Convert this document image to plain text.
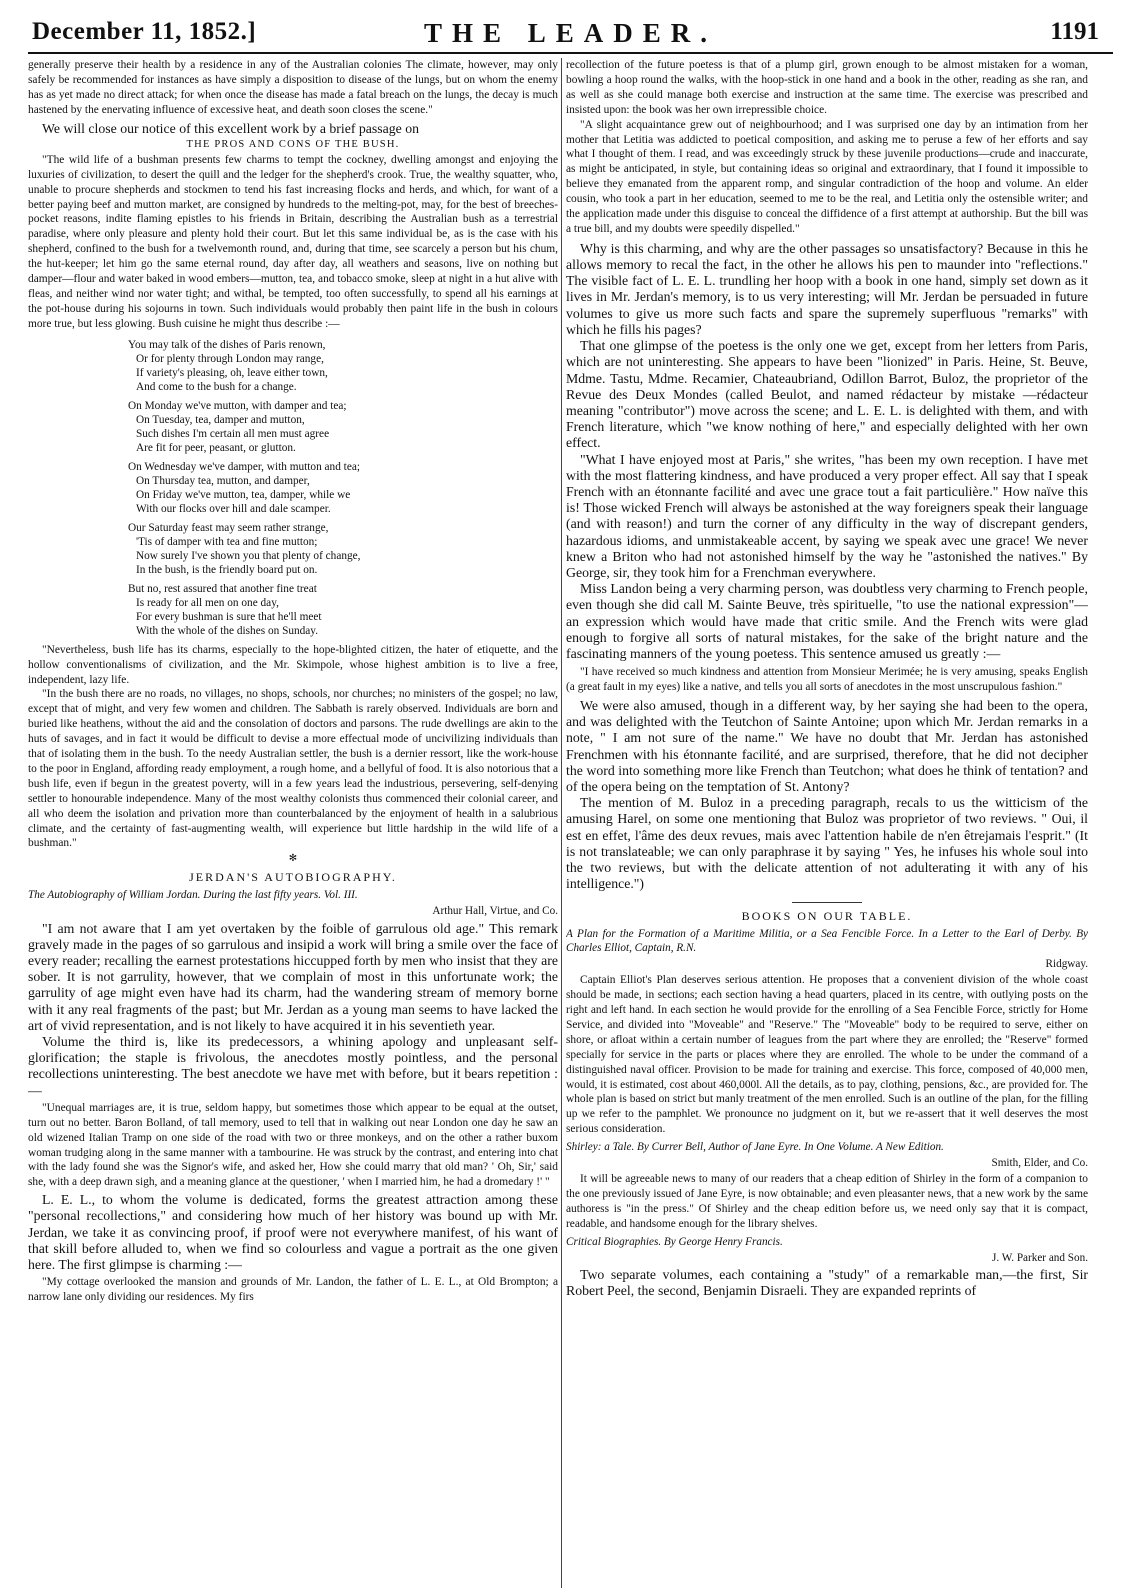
December 11, 1852.]	THE LEADER.	1191

generally preserve their health by a residence in any of the Australian colonies The climate, however, may only safely be recommended for instances as have simply a disposition to disease of the lungs, but on whom the enemy has as yet made no direct attack; for when once the disease has made a fatal breach on the lungs, the decay is much hastened by the enervating influence of excessive heat, and death soon closes the scene."

We will close our notice of this excellent work by a brief passage on

THE PROS AND CONS OF THE BUSH.

"The wild life of a bushman presents few charms to tempt the cockney, dwelling amongst and enjoying the luxuries of civilization, to desert the quill and the ledger for the shepherd's crook. True, the wealthy squatter, who, unable to procure shepherds and stockmen to tend his fast increasing flocks and herds, and which, for want of a better paying beef and mutton market, are consigned by hundreds to the melting-pot, may, for the best of breeches-pocket reasons, indite flaming epistles to his friends in Britain, describing the Australian bush as a terrestrial paradise, where only pleasure and plenty hold their court. But let this same individual be, as is the case with his shepherd, confined to the bush for a twelvemonth round, and, during that time, see scarcely a person but his chum, the hut-keeper; let him go the same eternal round, day after day, all weathers and seasons, live on nothing but damper—flour and water baked in wood embers—mutton, tea, and tobacco smoke, sleep at night in a hut alive with fleas, and neither wind nor water tight; and withal, be tempted, too often successfully, to spend all his earnings at the pot-house during his sojourns in town. Such individuals would probably then paint life in the bush in colours more true, but less glowing. Bush cuisine he might thus describe :—

You may talk of the dishes of Paris renown,
Or for plenty through London may range,
If variety's pleasing, oh, leave either town,
And come to the bush for a change.
On Monday we've mutton, with damper and tea;
On Tuesday, tea, damper and mutton,
Such dishes I'm certain all men must agree
Are fit for peer, peasant, or glutton.
On Wednesday we've damper, with mutton and tea;
On Thursday tea, mutton, and damper,
On Friday we've mutton, tea, damper, while we
With our flocks over hill and dale scamper.
Our Saturday feast may seem rather strange,
'Tis of damper with tea and fine mutton;
Now surely I've shown you that plenty of change,
In the bush, is the friendly board put on.
But no, rest assured that another fine treat
Is ready for all men on one day,
For every bushman is sure that he'll meet
With the whole of the dishes on Sunday.

"Nevertheless, bush life has its charms, especially to the hope-blighted citizen, the hater of etiquette, and the hollow conventionalisms of civilization, and the Mr. Skimpole, whose highest ambition is to live a free, independent, lazy life.

"In the bush there are no roads, no villages, no shops, schools, nor churches; no ministers of the gospel; no law, except that of might, and very few women and children. The Sabbath is rarely observed. Individuals are born and buried like heathens, without the aid and the consolation of doctors and parsons. The rude dwellings are akin to the huts of savages, and in fact it would be difficult to devise a more effectual mode of uncivilizing individuals than that of isolating them in the bush. To the needy Australian settler, the bush is a dernier ressort, like the work-house to the poor in England, affording ready employment, a rough home, and a bellyful of food. It is also notorious that a bush life, even if begun in the greatest poverty, will in a few years lead the industrious, persevering, self-denying settler to honourable independence. Many of the most wealthy colonists thus commenced their colonial career, and all who deem the isolation and privation more than counterbalanced by the enjoyment of health in a salubrious climate, and the certainty of fast-augmenting wealth, will experience but little hardship in the wild life of a bushman."

✻
JERDAN'S AUTOBIOGRAPHY.

The Autobiography of William Jordan. During the last fifty years. Vol. III.

Arthur Hall, Virtue, and Co.

"I am not aware that I am yet overtaken by the foible of garrulous old age." This remark gravely made in the pages of so garrulous and insipid a work will bring a smile over the face of every reader; recalling the earnest protestations hiccupped forth by men who insist that they are sober. It is not garrulity, however, that we complain of most in this unfortunate work; the garrulity of age might even have had its charm, had the wandering stream of memory borne with it any real fragments of the past; but Mr. Jerdan as a young man seems to have lacked the art of vivid representation, and is not likely to have acquired it in his seventieth year.

Volume the third is, like its predecessors, a whining apology and unpleasant self-glorification; the staple is frivolous, the anecdotes mostly pointless, and the personal recollections uninteresting. The best anecdote we have met with before, but it bears repetition :—

"Unequal marriages are, it is true, seldom happy, but sometimes those which appear to be equal at the outset, turn out no better. Baron Bolland, of tall memory, used to tell that in walking out near London one day he saw an old wizened Italian Tramp on one side of the road with two or three monkeys, and on the other a rather buxom woman trudging along in the same manner with a tambourine. He was struck by the contrast, and entering into chat with the lady found she was the Signor's wife, and asked her, How she could marry that old man? ' Oh, Sir,' said she, with a deep drawn sigh, and a meaning glance at the questioner, ' when I married him, he had a dromedary !' "

L. E. L., to whom the volume is dedicated, forms the greatest attraction among these "personal recollections," and considering how much of her history was bound up with Mr. Jerdan, we take it as convincing proof, if proof were not everywhere manifest, of his want of that skill before alluded to, when we find so colourless and vague a portrait as the one given here. The first glimpse is charming :—

"My cottage overlooked the mansion and grounds of Mr. Landon, the father of L. E. L., at Old Brompton; a narrow lane only dividing our residences. My firs

recollection of the future poetess is that of a plump girl, grown enough to be almost mistaken for a woman, bowling a hoop round the walks, with the hoop-stick in one hand and a book in the other, reading as she ran, and as well as she could manage both exercise and instruction at the same time. The exercise was prescribed and insisted upon: the book was her own irrepressible choice.

"A slight acquaintance grew out of neighbourhood; and I was surprised one day by an intimation from her mother that Letitia was addicted to poetical composition, and asking me to peruse a few of her efforts and say what I thought of them. I read, and was exceedingly struck by these juvenile productions—crude and inaccurate, as might be anticipated, in style, but containing ideas so original and extraordinary, that I found it impossible to believe they emanated from the apparent romp, and singular contradiction of the hoop and volume. An elder cousin, who took a part in her education, seemed to me to be the real, and Letitia only the ostensible writer; and the application made under this disguise to conceal the diffidence of a first attempt at authorship. But the bill was a true bill, and my doubts were speedily dispelled."

Why is this charming, and why are the other passages so unsatisfactory? Because in this he allows memory to recal the fact, in the other he allows his pen to maunder into "reflections." The visible fact of L. E. L. trundling her hoop with a book in one hand, simply set down as it lives in Mr. Jerdan's memory, is to us very interesting; will Mr. Jerdan be persuaded in future volumes to give us more such facts and spare the supremely superfluous "remarks" with which he fills his pages?

That one glimpse of the poetess is the only one we get, except from her letters from Paris, which are not uninteresting. She appears to have been "lionized" in Paris. Heine, St. Beuve, Mdme. Tastu, Mdme. Recamier, Chateaubriand, Odillon Barrot, Buloz, the proprietor of the Revue des Deux Mondes (called Beulot, and named rédacteur by mistake —rédacteur meaning "contributor") move across the scene; and L. E. L. is delighted with them, and with French literature, which "we know nothing of here," and especially delighted with her own effect.

"What I have enjoyed most at Paris," she writes, "has been my own reception. I have met with the most flattering kindness, and have produced a very proper effect. All say that I speak French with an étonnante facilité and avec une grace tout a fait particulière." How naïve this is! Those wicked French will always be astonished at the way foreigners speak their language (and with reason!) and turn the corner of any difficulty in the way of discrepant genders, hazardous idioms, and unmistakeable accent, by saying we speak avec une grace! We never knew a Briton who had not astonished himself by the way he "astonished the natives." By George, sir, they took him for a Frenchman everywhere.

Miss Landon being a very charming person, was doubtless very charming to French people, even though she did call M. Sainte Beuve, très spirituelle, "to use the national expression"— an expression which would have made that critic smile. And the French wits were glad enough to forgive all sorts of natural mistakes, for the sake of the bright nature and the fascinating manners of the young poetess. This sentence amused us greatly :—

"I have received so much kindness and attention from Monsieur Merimée; he is very amusing, speaks English (a great fault in my eyes) like a native, and tells you all sorts of anecdotes in the most unscrupulous fashion."

We were also amused, though in a different way, by her saying she had been to the opera, and was delighted with the Teutchon of Sainte Antoine; upon which Mr. Jerdan remarks in a note, " I am not sure of the name." We have no doubt that Mr. Jerdan has astonished Frenchmen with his étonnante facilité, and are surprised, therefore, that he did not decipher the word into something more like French than Teutchon; what does he think of tentation? and of the opera being on the temptation of St. Antony?

The mention of M. Buloz in a preceding paragraph, recals to us the witticism of the amusing Harel, on some one mentioning that Buloz was proprietor of two reviews. " Oui, il est en effet, l'âme des deux revues, mais avec l'attention habile de n'en êtrejamais l'esprit." (It is not translateable; we can only paraphrase it by saying " Yes, he infuses his whole soul into the two reviews, but with the delicate attention of not adulterating it with any of his intelligence.")

BOOKS ON OUR TABLE.

A Plan for the Formation of a Maritime Militia, or a Sea Fencible Force. In a Letter to the Earl of Derby. By Charles Elliot, Captain, R.N.

Ridgway.

Captain Elliot's Plan deserves serious attention. He proposes that a convenient division of the whole coast should be made, in sections; each section having a head quarters, placed in its centre, with outlying posts on the right and left hand. In each section he would provide for the enrolling of a Sea Fencible Force, strictly for Home Service, and divided into "Moveable" and "Reserve." The "Moveable" body to be required to serve, either on shore, or afloat within a certain number of leagues from the part where they are enrolled; the "Reserve" formed specially for service in the parts or places where they are enrolled. The whole to be under the command of a distinguished naval officer. Provision to be made for training and exercise. This force, composed of 40,000 men, would, it is estimated, cost about 460,000l. All the details, as to pay, clothing, pensions, &c., are provided for. The whole plan is based on strict but manly treatment of the men enrolled. Such is an outline of the plan, for the filling up we refer to the pamphlet. We pronounce no judgment on it, but we re-assert that it well deserves the most serious consideration.

Shirley: a Tale. By Currer Bell, Author of Jane Eyre. In One Volume. A New Edition.

Smith, Elder, and Co.

It will be agreeable news to many of our readers that a cheap edition of Shirley in the form of a companion to the one previously issued of Jane Eyre, is now obtainable; and even pleasanter news, that a new work by the same authoress is "in the press." Of Shirley and the cheap edition before us, we need only say that it is compact, readable, and handsome enough for the library shelves.

Critical Biographies. By George Henry Francis.

J. W. Parker and Son.

Two separate volumes, each containing a "study" of a remarkable man,—the first, Sir Robert Peel, the second, Benjamin Disraeli. They are expanded reprints of
